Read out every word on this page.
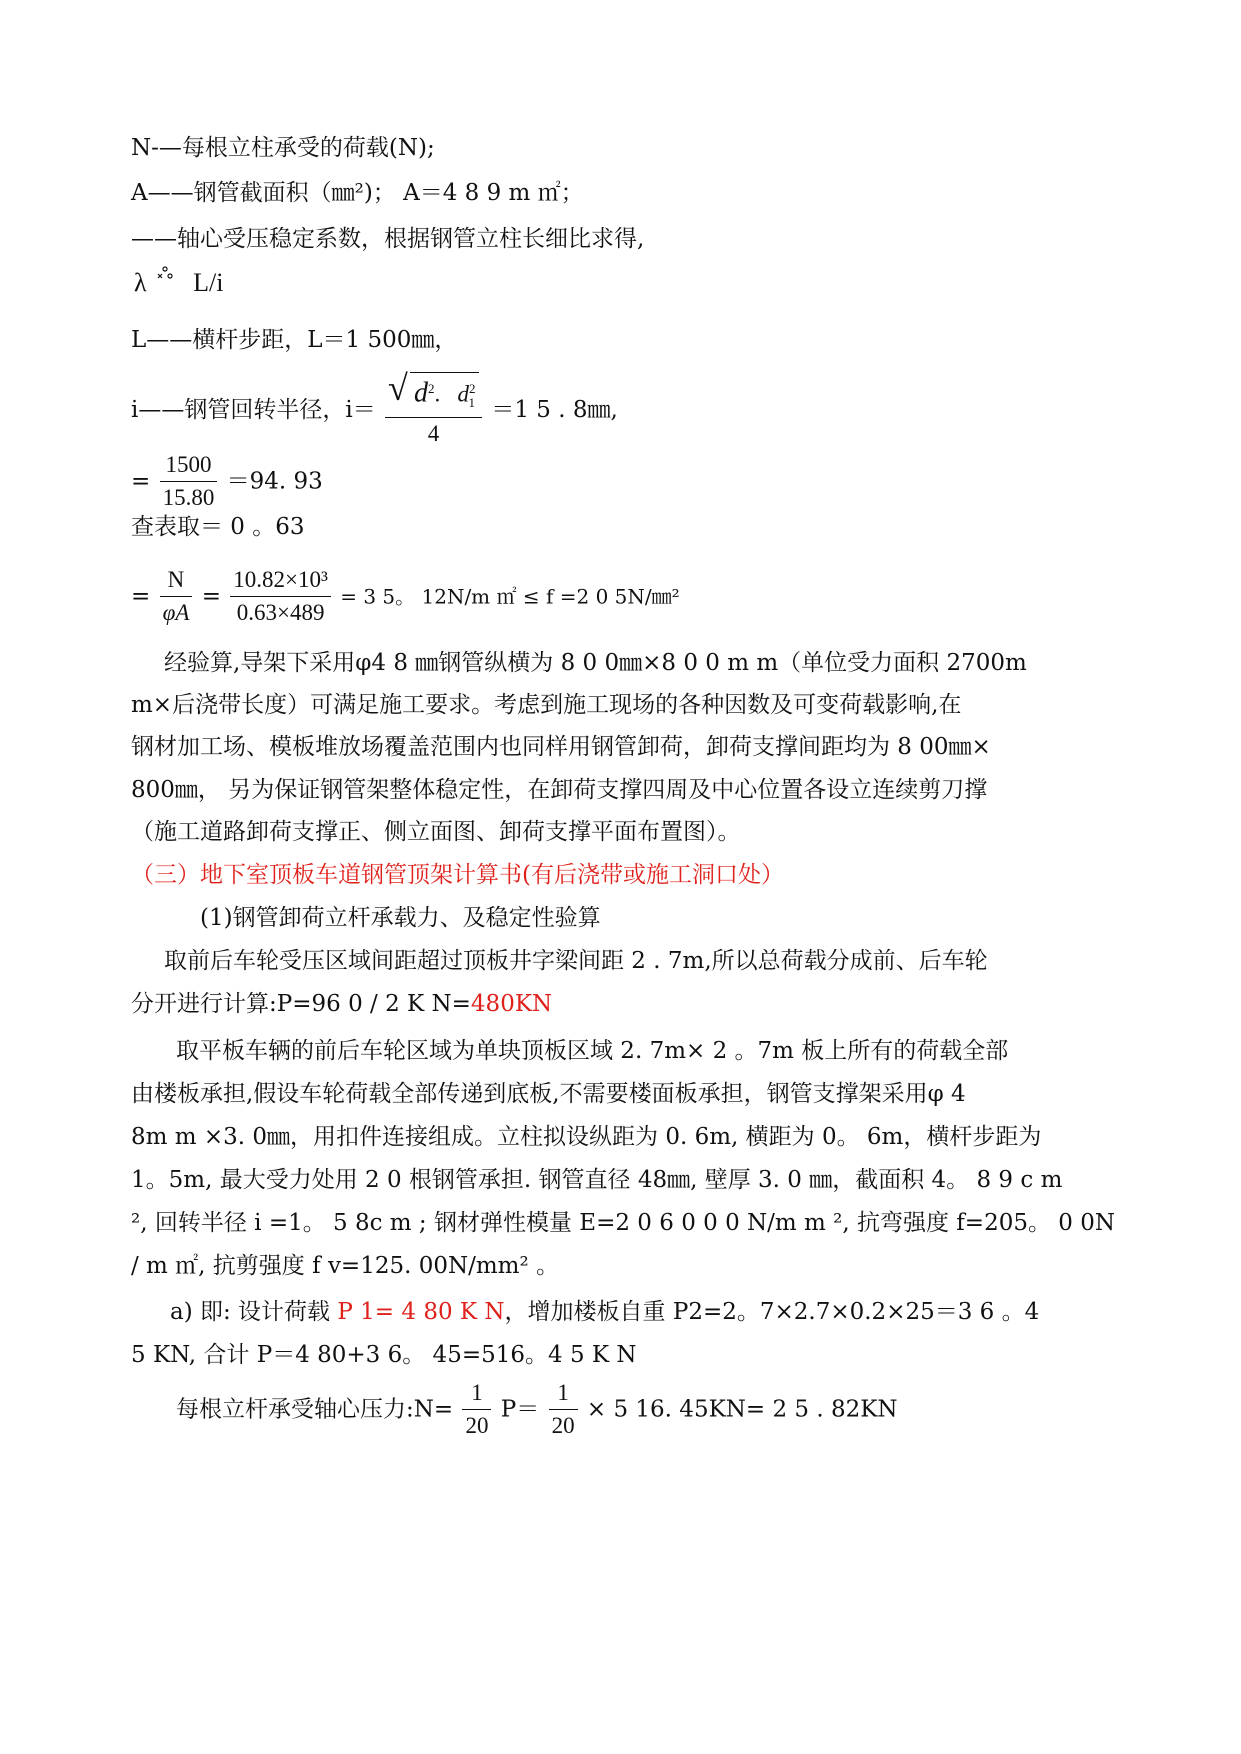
N-—每根立柱承受的荷载(N);
A——钢管截面积（㎜²)； A＝4 8 9 m ㎡；
——轴心受压稳定系数，根据钢管立柱长细比求得,
λ L/i
L——横杆步距，L＝1 500㎜，
i——钢管回转半径，$i= \frac{√ d^2. d^2_1}{4} =1$ 5 . 8㎜,
= $\frac{1500}{15.80} =94$. 93
查表取＝ 0 。63
= $\frac{N}{\varphi A} = \frac{\text{10.82×10³}}{0.63\times 489} = 3$ 5。 12N/m ㎡ ≤ f =2 0 5N/㎜²
经验算,导架下采用φ4 8 ㎜钢管纵横为 8 0 0㎜×8 0 0 m m（单位受力面积 2700m
m×后浇带长度）可满足施工要求。考虑到施工现场的各种因数及可变荷载影响,在
钢材加工场、模板堆放场覆盖范围内也同样用钢管卸荷，卸荷支撑间距均为 8 00㎜×
800㎜， 另为保证钢管架整体稳定性，在卸荷支撑四周及中心位置各设立连续剪刀撑
（施工道路卸荷支撑正、侧立面图、卸荷支撑平面布置图）。
（三）地下室顶板车道钢管顶架计算书(有后浇带或施工洞口处）
(1)钢管卸荷立杆承载力、及稳定性验算
取前后车轮受压区域间距超过顶板井字梁间距 2 . 7m,所以总荷载分成前、后车轮
分开进行计算:P=96 0 / 2 K N=480KN
取平板车辆的前后车轮区域为单块顶板区域 2. 7m× 2 。7m 板上所有的荷载全部
由楼板承担,假设车轮荷载全部传递到底板,不需要楼面板承担，钢管支撑架采用φ 4
8m m ×3. 0㎜，用扣件连接组成。立柱拟设纵距为 0. 6m, 横距为 0。 6m，横杆步距为
1。5m, 最大受力处用 2 0 根钢管承担. 钢管直径 48㎜, 壁厚 3. 0 ㎜，截面积 4。 8 9 c m
², 回转半径 i =1。 5 8c m ; 钢材弹性模量 E=2 0 6 0 0 0 N/m m ², 抗弯强度 f=205。 0 0N
/ m ㎡, 抗剪强度 f v=125. 00N/mm² 。
a) 即: 设计荷载 P 1= 4 80 K N，增加楼板自重 P2=2。7×2.7×0.2×25＝3 6 。4
5 KN, 合计 P＝4 80+3 6。 45=516。4 5 K N
每根立杆承受轴心压力:N= $\frac{1}{20} P= \frac{1}{20} \times 5$ 16. 45KN= 2 5 . 82KN
